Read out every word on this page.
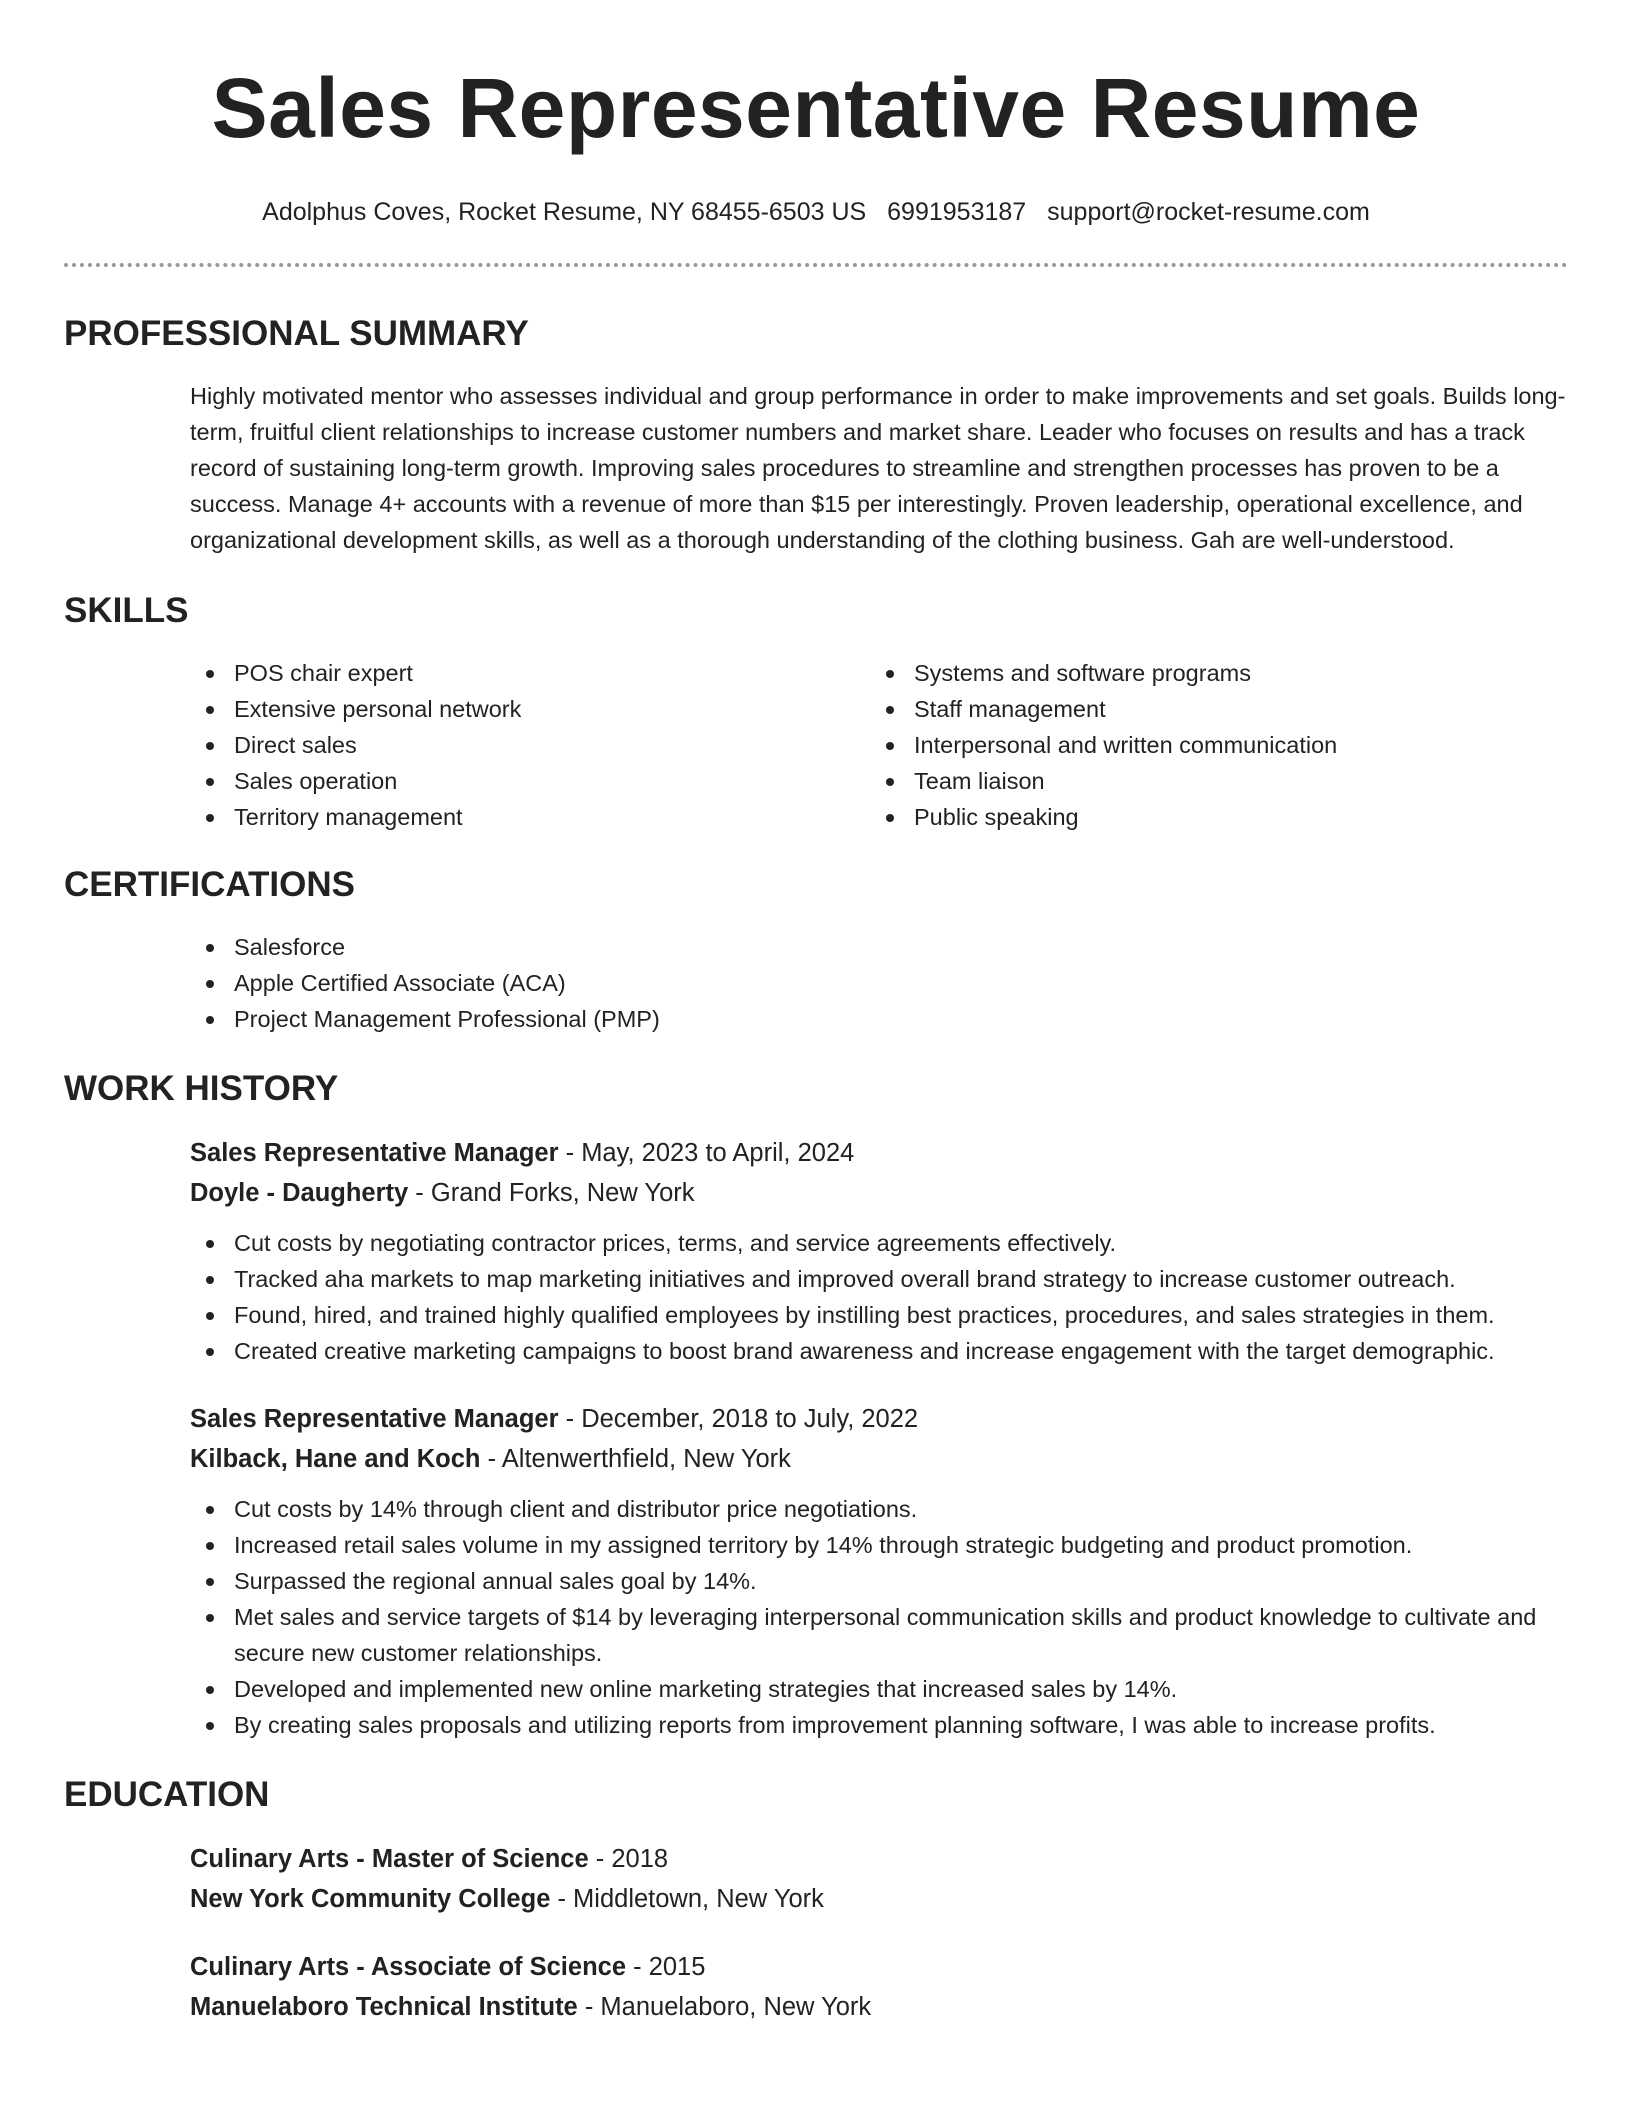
Sales Representative Resume
Adolphus Coves, Rocket Resume, NY 68455-6503 US 6991953187 support@rocket-resume.com
PROFESSIONAL SUMMARY
Highly motivated mentor who assesses individual and group performance in order to make improvements and set goals. Builds long-term, fruitful client relationships to increase customer numbers and market share. Leader who focuses on results and has a track record of sustaining long-term growth. Improving sales procedures to streamline and strengthen processes has proven to be a success. Manage 4+ accounts with a revenue of more than $15 per interestingly. Proven leadership, operational excellence, and organizational development skills, as well as a thorough understanding of the clothing business. Gah are well-understood.
SKILLS
POS chair expert
Extensive personal network
Direct sales
Sales operation
Territory management
Systems and software programs
Staff management
Interpersonal and written communication
Team liaison
Public speaking
CERTIFICATIONS
Salesforce
Apple Certified Associate (ACA)
Project Management Professional (PMP)
WORK HISTORY
Sales Representative Manager - May, 2023 to April, 2024
Doyle - Daugherty - Grand Forks, New York
Cut costs by negotiating contractor prices, terms, and service agreements effectively.
Tracked aha markets to map marketing initiatives and improved overall brand strategy to increase customer outreach.
Found, hired, and trained highly qualified employees by instilling best practices, procedures, and sales strategies in them.
Created creative marketing campaigns to boost brand awareness and increase engagement with the target demographic.
Sales Representative Manager - December, 2018 to July, 2022
Kilback, Hane and Koch - Altenwerthfield, New York
Cut costs by 14% through client and distributor price negotiations.
Increased retail sales volume in my assigned territory by 14% through strategic budgeting and product promotion.
Surpassed the regional annual sales goal by 14%.
Met sales and service targets of $14 by leveraging interpersonal communication skills and product knowledge to cultivate and secure new customer relationships.
Developed and implemented new online marketing strategies that increased sales by 14%.
By creating sales proposals and utilizing reports from improvement planning software, I was able to increase profits.
EDUCATION
Culinary Arts - Master of Science - 2018
New York Community College - Middletown, New York
Culinary Arts - Associate of Science - 2015
Manuelaboro Technical Institute - Manuelaboro, New York
